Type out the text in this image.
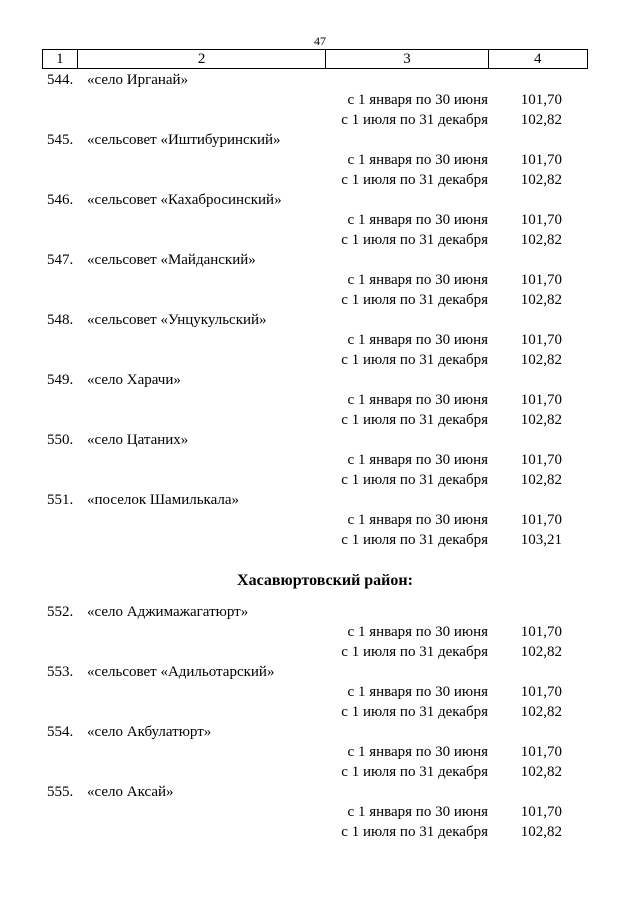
47
1	2	3	4
544. «село Ирганай»
с 1 января по 30 июня	101,70
с 1 июля по 31 декабря	102,82
545. «сельсовет «Иштибуринский»
с 1 января по 30 июня	101,70
с 1 июля по 31 декабря	102,82
546. «сельсовет «Кахабросинский»
с 1 января по 30 июня	101,70
с 1 июля по 31 декабря	102,82
547. «сельсовет «Майданский»
с 1 января по 30 июня	101,70
с 1 июля по 31 декабря	102,82
548. «сельсовет «Унцукульский»
с 1 января по 30 июня	101,70
с 1 июля по 31 декабря	102,82
549. «село Харачи»
с 1 января по 30 июня	101,70
с 1 июля по 31 декабря	102,82
550. «село Цатаних»
с 1 января по 30 июня	101,70
с 1 июля по 31 декабря	102,82
551. «поселок Шамилькала»
с 1 января по 30 июня	101,70
с 1 июля по 31 декабря	103,21
Хасавюртовский район:
552. «село Аджимажагатюрт»
с 1 января по 30 июня	101,70
с 1 июля по 31 декабря	102,82
553. «сельсовет «Адильотарский»
с 1 января по 30 июня	101,70
с 1 июля по 31 декабря	102,82
554. «село Акбулатюрт»
с 1 января по 30 июня	101,70
с 1 июля по 31 декабря	102,82
555. «село Аксай»
с 1 января по 30 июня	101,70
с 1 июля по 31 декабря	102,82
